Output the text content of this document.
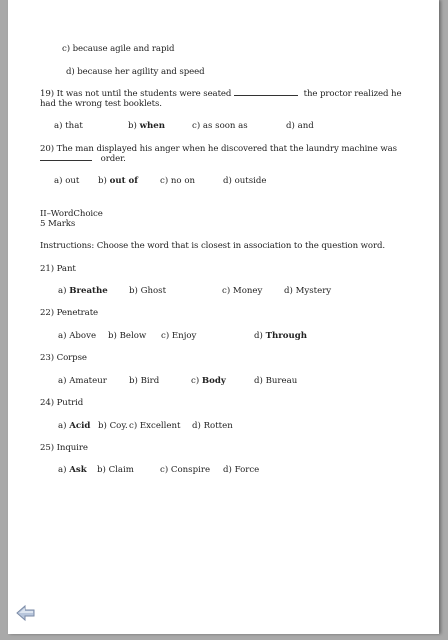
c) because agile and rapid
d) because her agility and speed
19) It was not until the students were seated	the proctor realized he
had the wrong test booklets.
a) that	b) when	c) as soon as	d) and
20) The man displayed his anger when he discovered that the laundry machine was
order.
a) out b) out of	c) no on	d) outside
II–WordChoice
5 Marks
Instructions: Choose the word that is closest in association to the question word.
21) Pant
a) Breathe b) Ghost	c) Money	d) Mystery
22) Penetrate
a) Above b) Below c) Enjoy	d) Through
23) Corpse
a) Amateur	b) Bird	c) Body	d) Bureau
24) Putrid
a) Acid b) Coy. c) Excellent d) Rotten
25) Inquire
a) Ask b) Claim	c) Conspire d) Force
